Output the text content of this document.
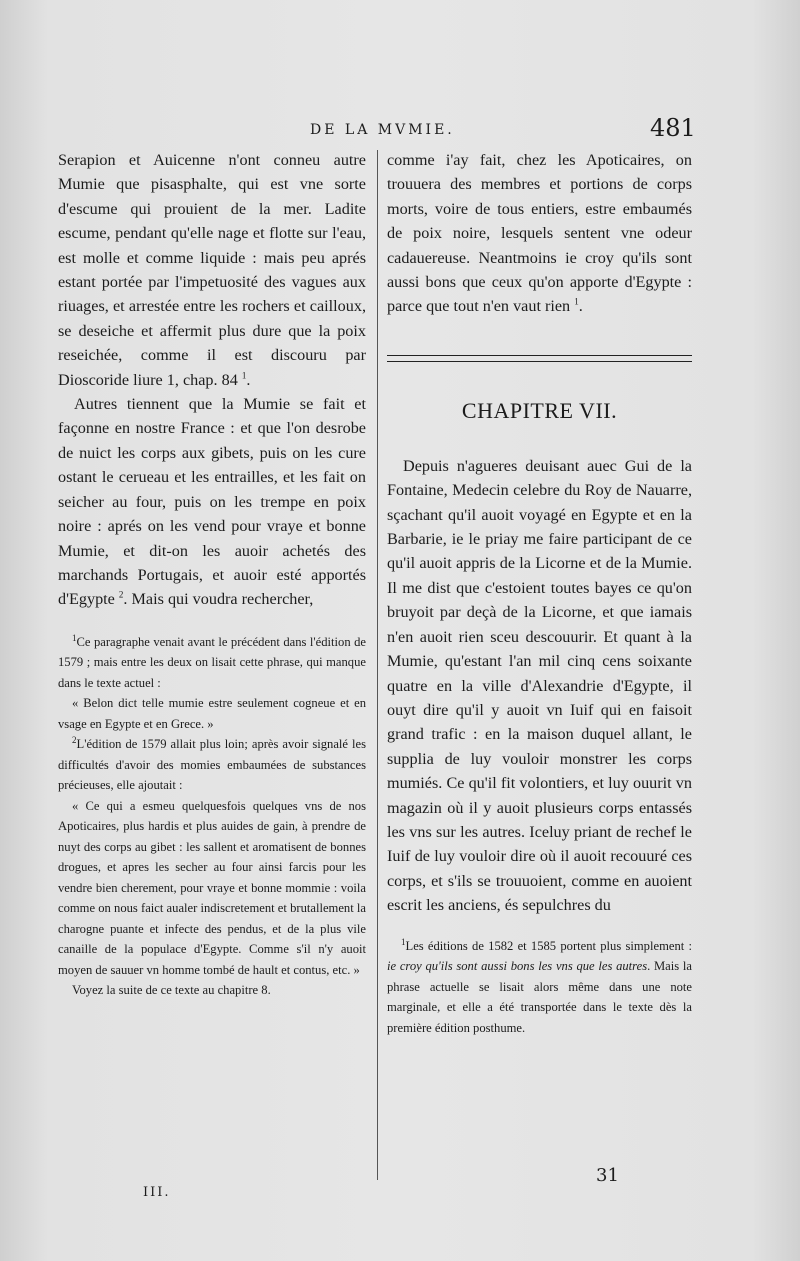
DE LA MVMIE.	481

Serapion et Auicenne n'ont conneu autre Mumie que pisasphalte, qui est vne sorte d'escume qui prouient de la mer. Ladite escume, pendant qu'elle nage et flotte sur l'eau, est molle et comme liquide : mais peu aprés estant portée par l'impetuosité des vagues aux riuages, et arrestée entre les rochers et cailloux, se deseiche et affermit plus dure que la poix reseichée, comme il est discouru par Dioscoride liure 1, chap. 84 $^1$.

Autres tiennent que la Mumie se fait et façonne en nostre France : et que l'on desrobe de nuict les corps aux gibets, puis on les cure ostant le cerueau et les entrailles, et les fait on seicher au four, puis on les trempe en poix noire : aprés on les vend pour vraye et bonne Mumie, et dit-on les auoir achetés des marchands Portugais, et auoir esté apportés d'Egypte $^2$. Mais qui voudra rechercher,

$^1$Ce paragraphe venait avant le précédent dans l'édition de 1579 ; mais entre les deux on lisait cette phrase, qui manque dans le texte actuel :

« Belon dict telle mumie estre seulement cogneue et en vsage en Egypte et en Grece. »

$^2$L'édition de 1579 allait plus loin; après avoir signalé les difficultés d'avoir des momies embaumées de substances précieuses, elle ajoutait :

« Ce qui a esmeu quelquesfois quelques vns de nos Apoticaires, plus hardis et plus auides de gain, à prendre de nuyt des corps au gibet : les sallent et aromatisent de bonnes drogues, et apres les secher au four ainsi farcis pour les vendre bien cherement, pour vraye et bonne mommie : voila comme on nous faict aualer indiscretement et brutallement la charogne puante et infecte des pendus, et de la plus vile canaille de la populace d'Egypte. Comme s'il n'y auoit moyen de sauuer vn homme tombé de hault et contus, etc. »

Voyez la suite de ce texte au chapitre 8.

III.

comme i'ay fait, chez les Apoticaires, on trouuera des membres et portions de corps morts, voire de tous entiers, estre embaumés de poix noire, lesquels sentent vne odeur cadauereuse. Neantmoins ie croy qu'ils sont aussi bons que ceux qu'on apporte d'Egypte : parce que tout n'en vaut rien $^1$.

CHAPITRE VII.

Depuis n'agueres deuisant auec Gui de la Fontaine, Medecin celebre du Roy de Nauarre, sçachant qu'il auoit voyagé en Egypte et en la Barbarie, ie le priay me faire participant de ce qu'il auoit appris de la Licorne et de la Mumie. Il me dist que c'estoient toutes bayes ce qu'on bruyoit par deçà de la Licorne, et que iamais n'en auoit rien sceu descouurir. Et quant à la Mumie, qu'estant l'an mil cinq cens soixante quatre en la ville d'Alexandrie d'Egypte, il ouyt dire qu'il y auoit vn Iuif qui en faisoit grand trafic : en la maison duquel allant, le supplia de luy vouloir monstrer les corps mumiés. Ce qu'il fit volontiers, et luy ouurit vn magazin où il y auoit plusieurs corps entassés les vns sur les autres. Iceluy priant de rechef le Iuif de luy vouloir dire où il auoit recouuré ces corps, et s'ils se trouuoient, comme en auoient escrit les anciens, és sepulchres du

$^1$Les éditions de 1582 et 1585 portent plus simplement : ie croy qu'ils sont aussi bons les vns que les autres. Mais la phrase actuelle se lisait alors même dans une note marginale, et elle a été transportée dans le texte dès la première édition posthume.

31
